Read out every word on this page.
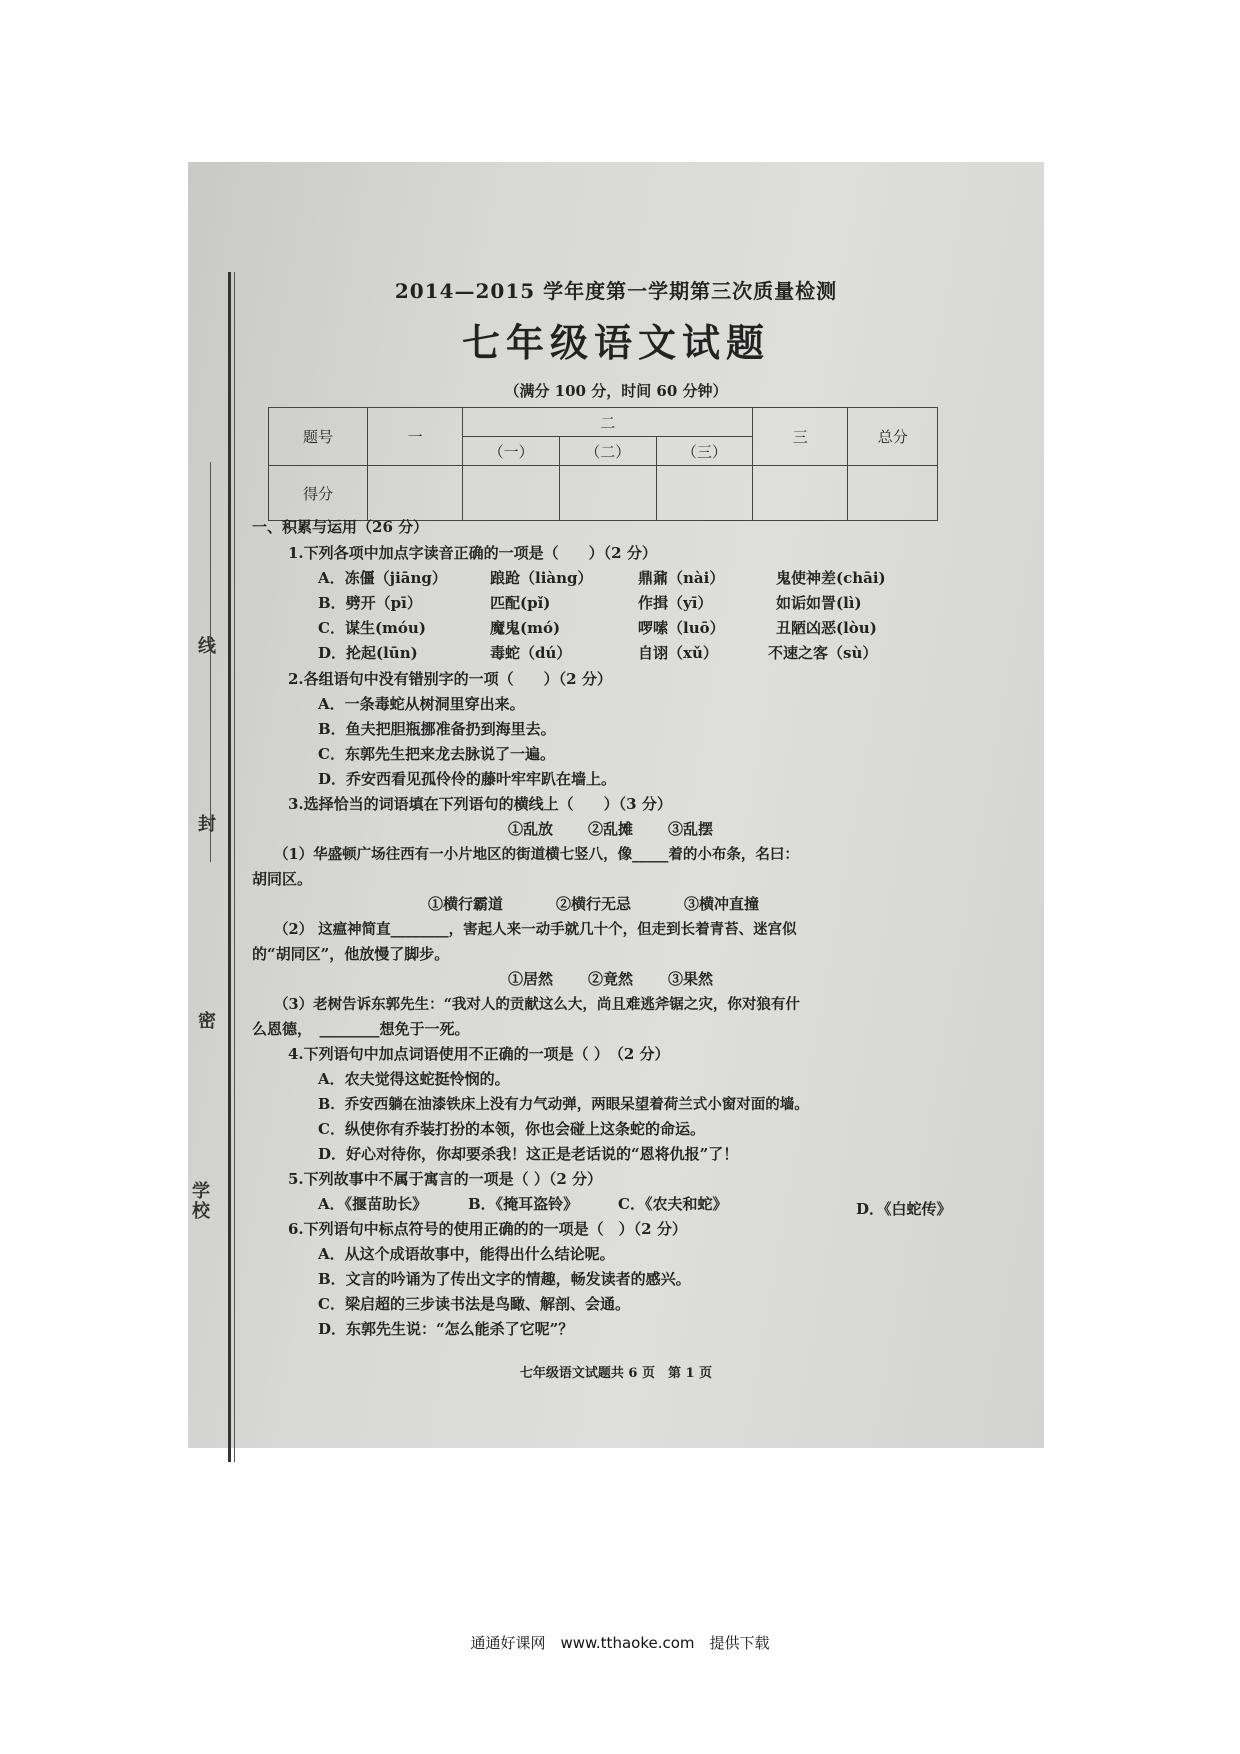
线
封
密
学校
2014—2015 学年度第一学期第三次质量检测
七年级语文试题
（满分 100 分，时间 60 分钟）
题号	一	二			三	总分
		（一）	（二）	（三）		
得分						
一、积累与运用（26 分）
1.下列各项中加点字读音正确的一项是（　　）（2 分）
A．冻僵（jiāng）	踉跄（liàng）	鼎鼐（nài）	鬼使神差(chāi)
B．劈开（pī）	匹配(pǐ)	作揖（yī）	如诟如詈(lì)
C．谋生(móu)	魔鬼(mó)	啰嗦（luō）	丑陋凶恶(lòu)
D．抡起(lūn)	毒蛇（dú）	自诩（xǔ）	不速之客（sù）
2.各组语句中没有错别字的一项（　　）（2 分）
A．一条毒蛇从树洞里穿出来。
B．鱼夫把胆瓶挪准备扔到海里去。
C．东郭先生把来龙去脉说了一遍。
D．乔安西看见孤伶伶的藤叶牢牢趴在墙上。
3.选择恰当的词语填在下列语句的横线上（　　）（3 分）
①乱放 ②乱摊 ③乱摆
（1）华盛顿广场往西有一小片地区的街道横七竖八，像_____着的小布条，名曰：
胡同区。
①横行霸道	②横行无忌	③横冲直撞
（2） 这瘟神简直________，害起人来一动手就几十个，但走到长着青苔、迷宫似
的“胡同区”，他放慢了脚步。
①居然 ②竟然 ③果然
（3）老树告诉东郭先生：“我对人的贡献这么大，尚且难逃斧锯之灾，你对狼有什
么恩德，　________想免于一死。
4.下列语句中加点词语使用不正确的一项是（ ）　（2 分）
A．农夫觉得这蛇挺怜悯的。
B．乔安西躺在油漆铁床上没有力气动弹，两眼呆望着荷兰式小窗对面的墙。
C．纵使你有乔装打扮的本领，你也会碰上这条蛇的命运。
D．好心对待你，你却要杀我！这正是老话说的“恩将仇报”了！
5.下列故事中不属于寓言的一项是（ ）（2 分）
A．《揠苗助长》	B．《掩耳盗铃》	C．《农夫和蛇》	D．《白蛇传》
6.下列语句中标点符号的使用正确的的一项是（　）（2 分）
A．从这个成语故事中，能得出什么结论呢。
B．文言的吟诵为了传出文字的情趣，畅发读者的感兴。
C．梁启超的三步读书法是鸟瞰、解剖、会通。
D．东郭先生说：“怎么能杀了它呢”？
七年级语文试题共 6 页　第 1 页
通通好课网　www.tthaoke.com　提供下载
